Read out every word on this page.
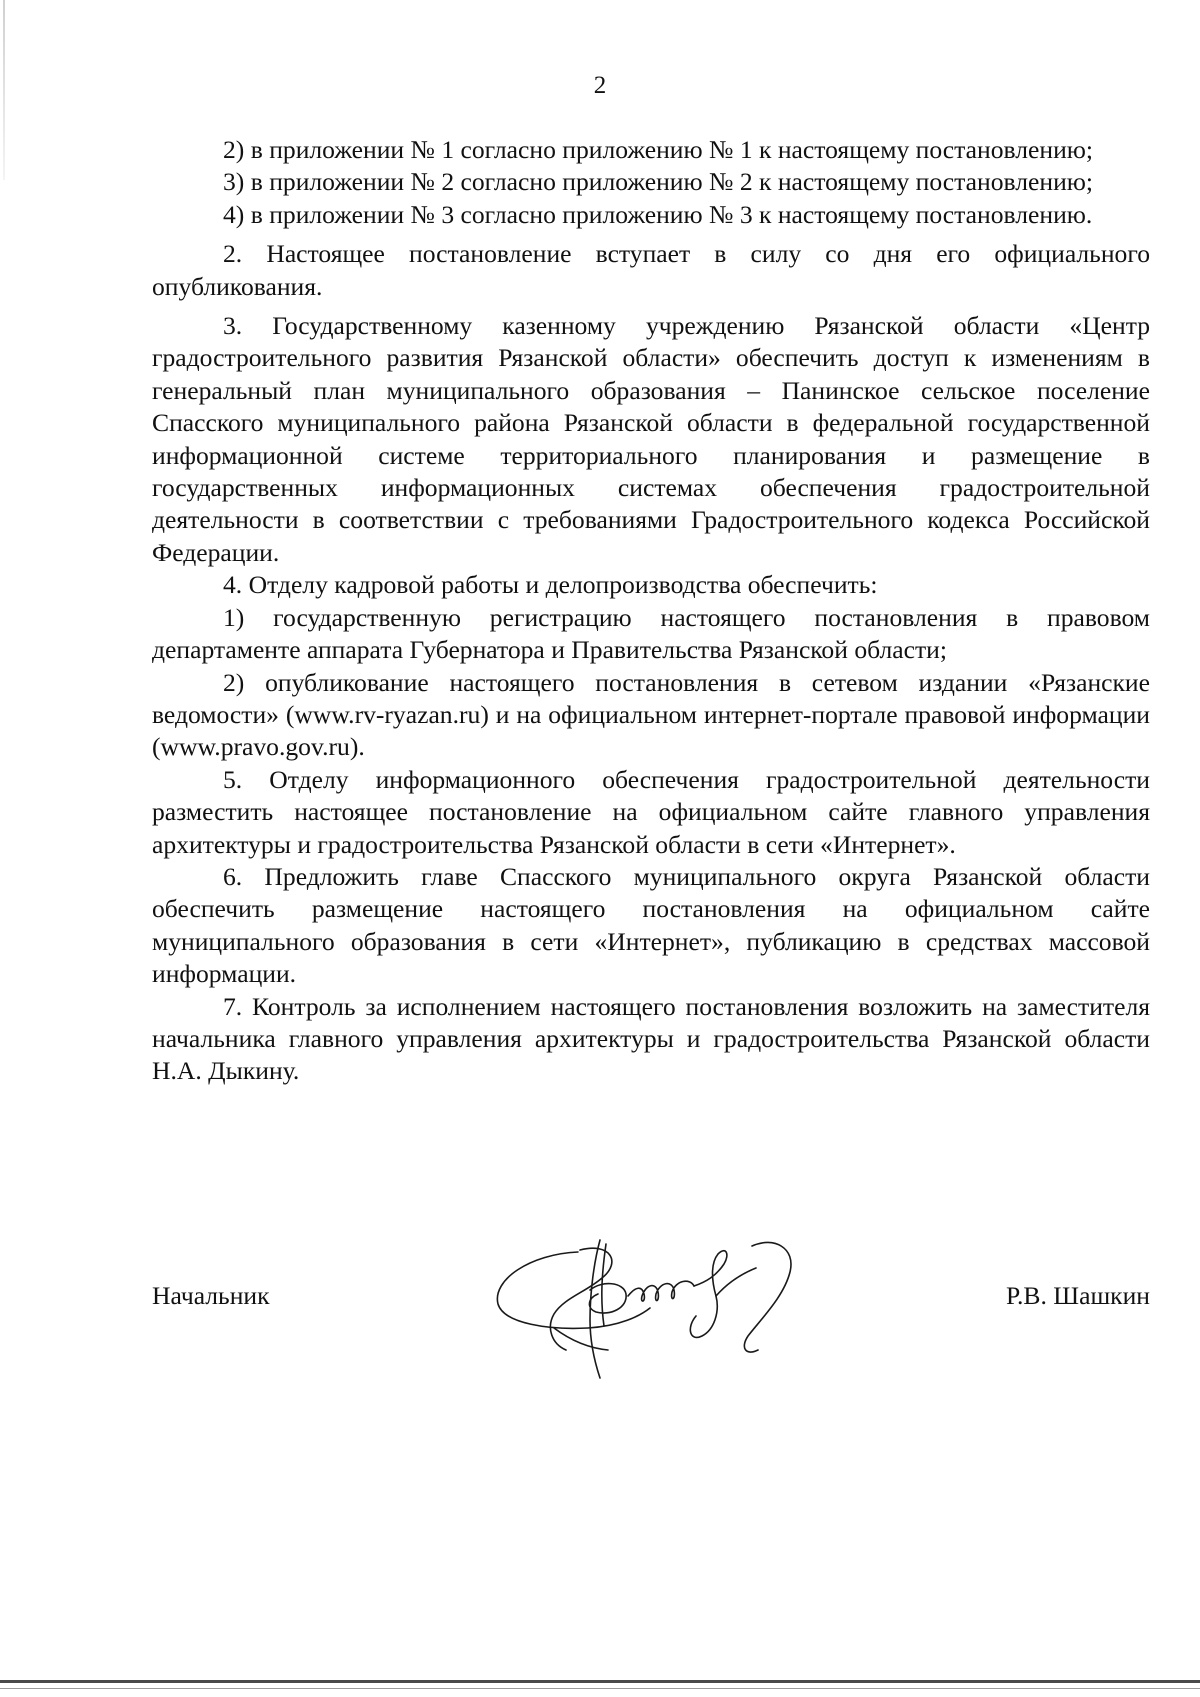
2

2) в приложении № 1 согласно приложению № 1 к настоящему постановлению;

3) в приложении № 2 согласно приложению № 2 к настоящему постановлению;

4) в приложении № 3 согласно приложению № 3 к настоящему постановлению.

2. Настоящее постановление вступает в силу со дня его официального опубликования.

3. Государственному казенному учреждению Рязанской области «Центр градостроительного развития Рязанской области» обеспечить доступ к изменениям в генеральный план муниципального образования – Панинское сельское поселение Спасского муниципального района Рязанской области в федеральной государственной информационной системе территориального планирования и размещение в государственных информационных системах обеспечения градостроительной деятельности в соответствии с требованиями Градостроительного кодекса Российской Федерации.

4. Отделу кадровой работы и делопроизводства обеспечить:

1) государственную регистрацию настоящего постановления в правовом департаменте аппарата Губернатора и Правительства Рязанской области;

2) опубликование настоящего постановления в сетевом издании «Рязанские ведомости» (www.rv-ryazan.ru) и на официальном интернет-портале правовой информации (www.pravo.gov.ru).

5. Отделу информационного обеспечения градостроительной деятельности разместить настоящее постановление на официальном сайте главного управления архитектуры и градостроительства Рязанской области в сети «Интернет».

6. Предложить главе Спасского муниципального округа Рязанской области обеспечить размещение настоящего постановления на официальном сайте муниципального образования в сети «Интернет», публикацию в средствах массовой информации.

7. Контроль за исполнением настоящего постановления возложить на заместителя начальника главного управления архитектуры и градостроительства Рязанской области Н.А. Дыкину.

Начальник	Р.В. Шашкин
